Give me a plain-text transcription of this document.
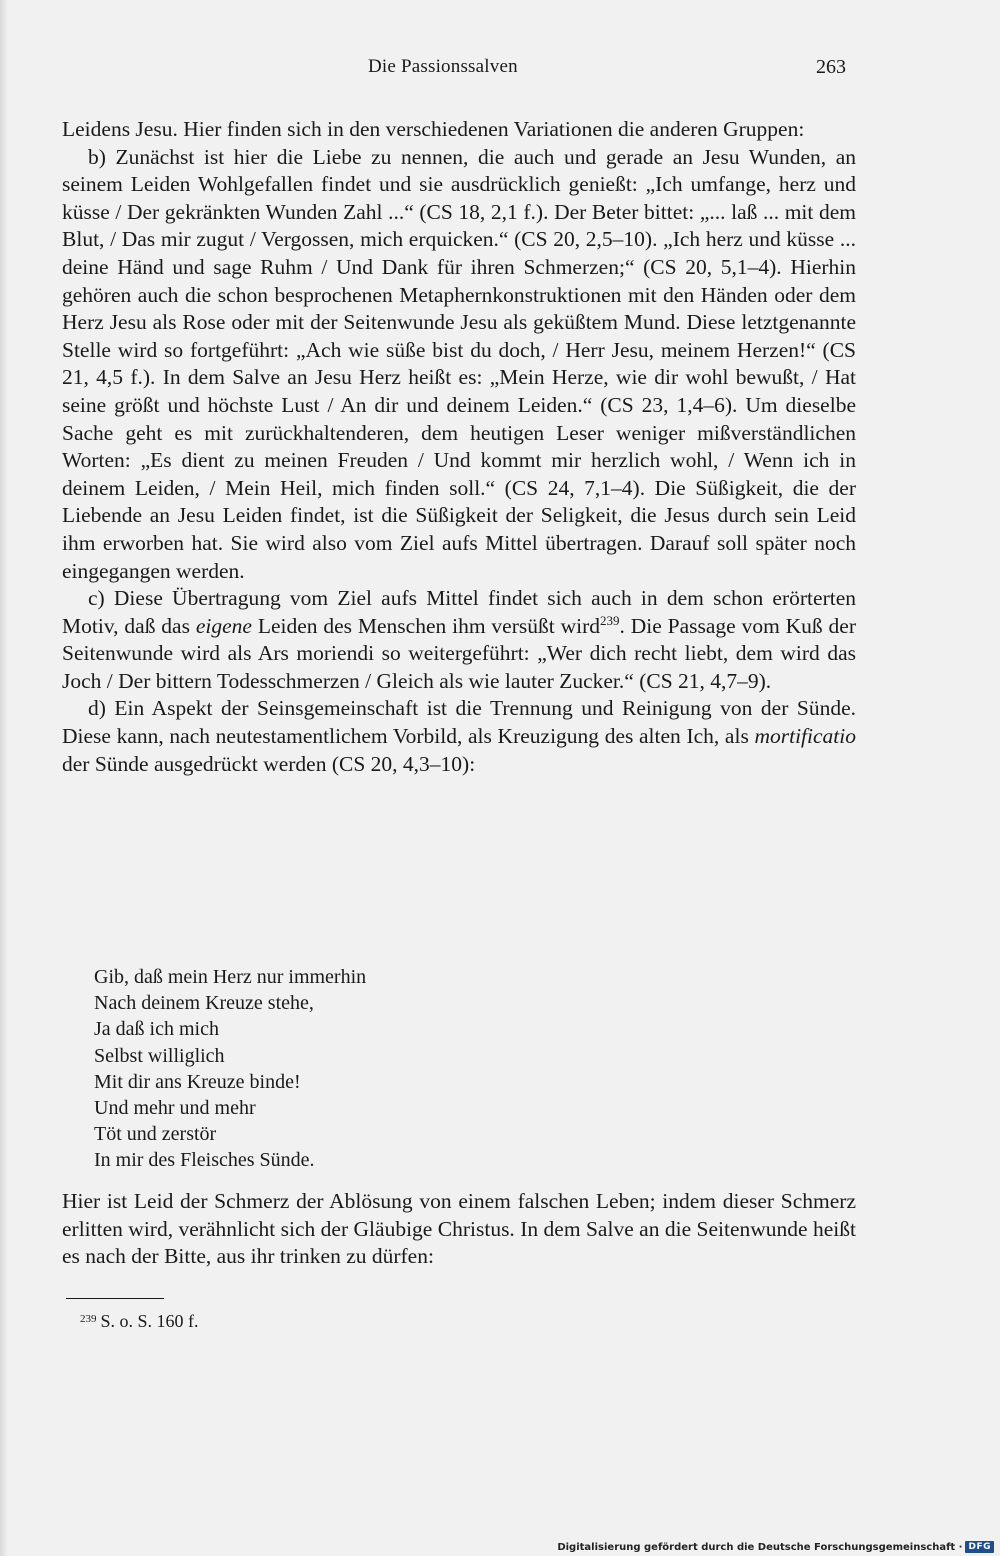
Die Passionssalven	263

Leidens Jesu. Hier finden sich in den verschiedenen Variationen die anderen Gruppen:

b) Zunächst ist hier die Liebe zu nennen, die auch und gerade an Jesu Wunden, an seinem Leiden Wohlgefallen findet und sie ausdrücklich genießt: „Ich umfange, herz und küsse / Der gekränkten Wunden Zahl ...“ (CS 18, 2,1 f.). Der Beter bittet: „... laß ... mit dem Blut, / Das mir zugut / Vergossen, mich erquicken.“ (CS 20, 2,5–10). „Ich herz und küsse ... deine Händ und sage Ruhm / Und Dank für ihren Schmerzen;“ (CS 20, 5,1–4). Hierhin gehören auch die schon besprochenen Metaphernkonstruktionen mit den Händen oder dem Herz Jesu als Rose oder mit der Seitenwunde Jesu als geküßtem Mund. Diese letztgenannte Stelle wird so fortgeführt: „Ach wie süße bist du doch, / Herr Jesu, meinem Herzen!“ (CS 21, 4,5 f.). In dem Salve an Jesu Herz heißt es: „Mein Herze, wie dir wohl bewußt, / Hat seine größt und höchste Lust / An dir und deinem Leiden.“ (CS 23, 1,4–6). Um dieselbe Sache geht es mit zurückhaltenderen, dem heutigen Leser weniger mißverständlichen Worten: „Es dient zu meinen Freuden / Und kommt mir herzlich wohl, / Wenn ich in deinem Leiden, / Mein Heil, mich finden soll.“ (CS 24, 7,1–4). Die Süßigkeit, die der Liebende an Jesu Leiden findet, ist die Süßigkeit der Seligkeit, die Jesus durch sein Leid ihm erworben hat. Sie wird also vom Ziel aufs Mittel übertragen. Darauf soll später noch eingegangen werden.

c) Diese Übertragung vom Ziel aufs Mittel findet sich auch in dem schon erörterten Motiv, daß das eigene Leiden des Menschen ihm versüßt wird$^{239}$. Die Passage vom Kuß der Seitenwunde wird als Ars moriendi so weitergeführt: „Wer dich recht liebt, dem wird das Joch / Der bittern Todesschmerzen / Gleich als wie lauter Zucker.“ (CS 21, 4,7–9).

d) Ein Aspekt der Seinsgemeinschaft ist die Trennung und Reinigung von der Sünde. Diese kann, nach neutestamentlichem Vorbild, als Kreuzigung des alten Ich, als mortificatio der Sünde ausgedrückt werden (CS 20, 4,3–10):

Gib, daß mein Herz nur immerhin
Nach deinem Kreuze stehe,
Ja daß ich mich
Selbst williglich
Mit dir ans Kreuze binde!
Und mehr und mehr
Töt und zerstör
In mir des Fleisches Sünde.

Hier ist Leid der Schmerz der Ablösung von einem falschen Leben; indem dieser Schmerz erlitten wird, verähnlicht sich der Gläubige Christus. In dem Salve an die Seitenwunde heißt es nach der Bitte, aus ihr trinken zu dürfen:

$^{239}$ S. o. S. 160 f.
Digitalisierung gefördert durch die Deutsche Forschungsgemeinschaft · DFG
